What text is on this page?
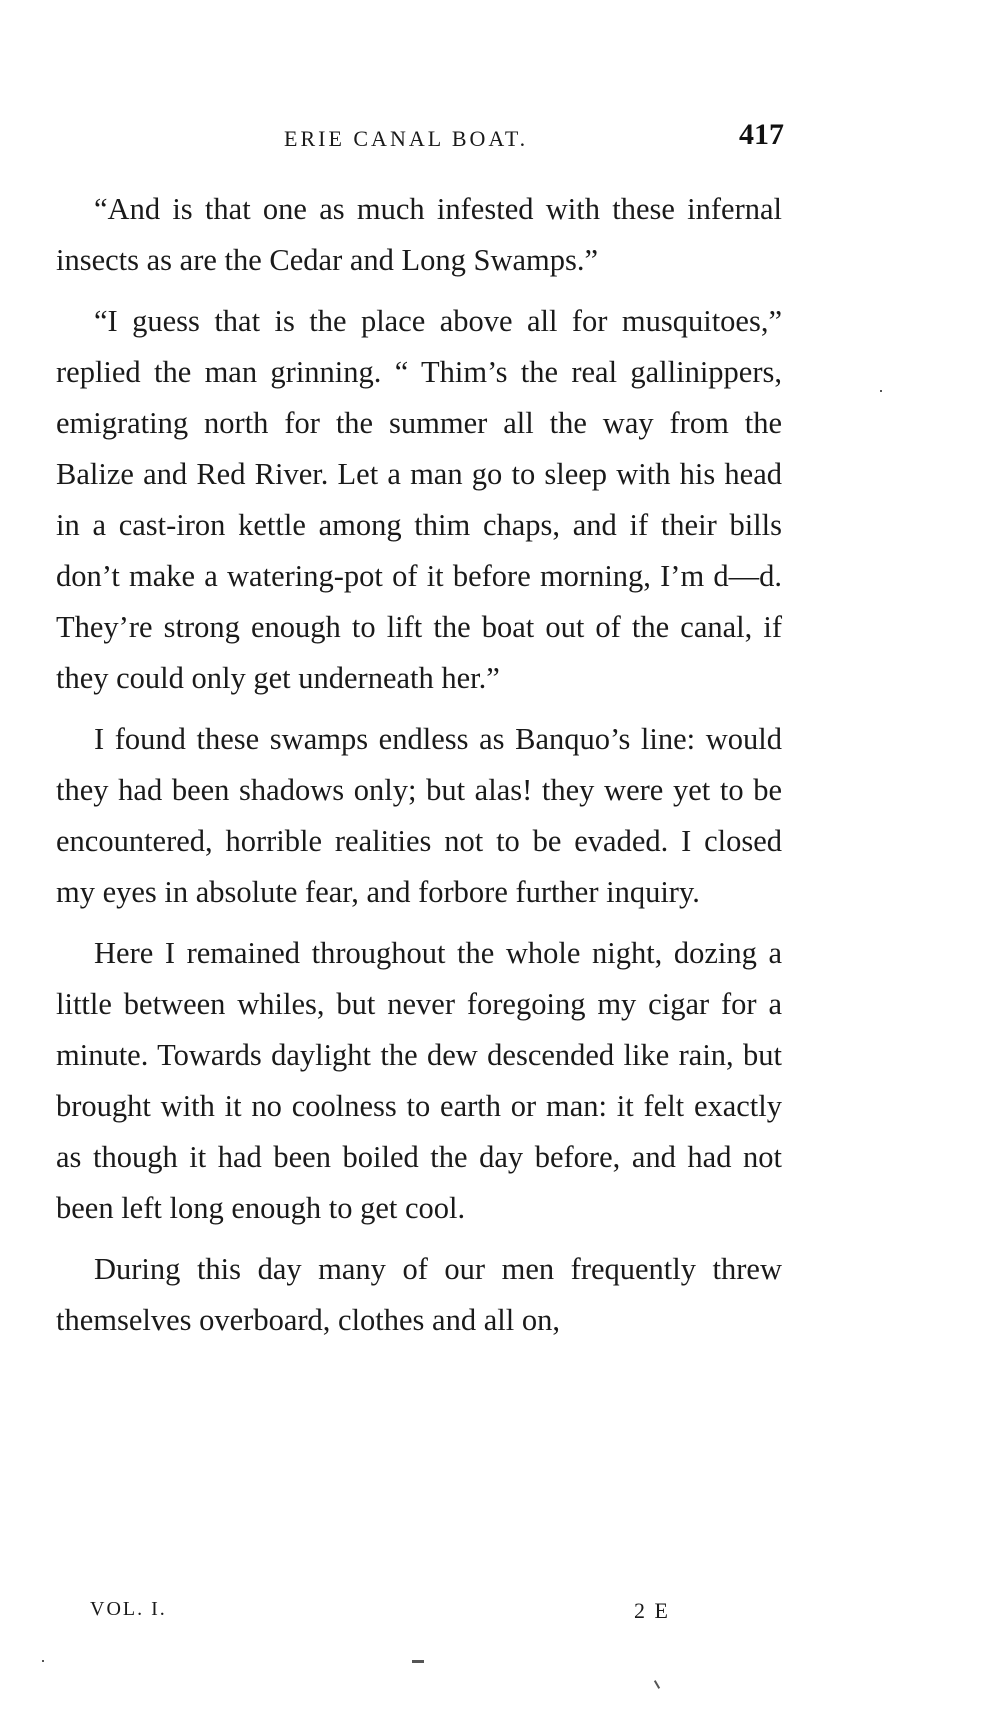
ERIE CANAL BOAT.	417

“And is that one as much infested with these infernal insects as are the Cedar and Long Swamps.”

“I guess that is the place above all for musquitoes,” replied the man grinning. “ Thim’s the real gallinippers, emigrating north for the summer all the way from the Balize and Red River. Let a man go to sleep with his head in a cast-iron kettle among thim chaps, and if their bills don’t make a watering-pot of it before morning, I’m d—d. They’re strong enough to lift the boat out of the canal, if they could only get underneath her.”

I found these swamps endless as Banquo’s line: would they had been shadows only; but alas! they were yet to be encountered, horrible realities not to be evaded. I closed my eyes in absolute fear, and forbore further inquiry.

Here I remained throughout the whole night, dozing a little between whiles, but never foregoing my cigar for a minute. Towards daylight the dew descended like rain, but brought with it no coolness to earth or man: it felt exactly as though it had been boiled the day before, and had not been left long enough to get cool.

During this day many of our men frequently threw themselves overboard, clothes and all on,

VOL. I.	2 E
